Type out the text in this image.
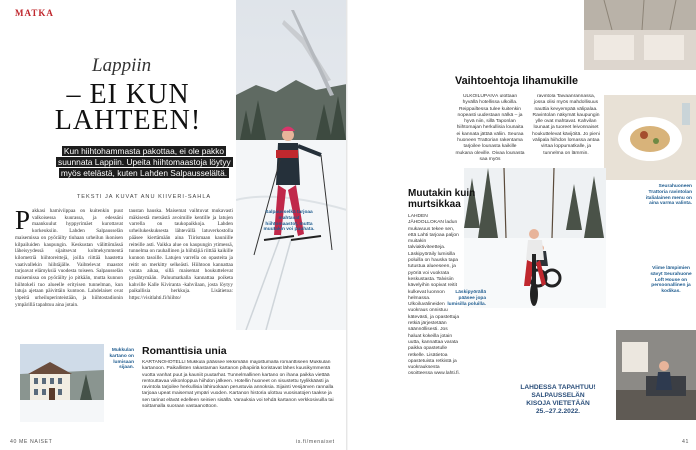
MATKA
Lappiin
– EI KUN
LAHTEEN!
Kun hiihtohammasta pakottaa, ei ole pakko suunnata Lappiin. Upeita hiihtomaastoja löytyy myös etelästä, kuten Lahden Salpausselältä.
TEKSTI JA KUVAT ANU KIIVERI-SAHLA
P akkasi hamiviippaa on kuitenkin puut valkoisessa kuurassa, ja edessäni maankuulut hyppyrimäet kurottavat korkeuksiin. Lahden Salpausselän maisemissa on pyöräilty tiuhaan urheilun ikonisen kilpailuiden kaupungin. Keskustan välittömässä läheisyydessä sijaitsevat kolmekymmentä kilometriä hiihtoreittejä, joilla riittää haastetta vaativallekin hiihtäjälle. Vaihtelevat maastot tarjoavat elämyksiä vuodesta toiseen. Salpausselän maisemissa on pyöräilty jo pitkään, mutta kunnon hiihtokeli tuo alueelle erityisen tunnelman, kun latuja ajetaan päivittäin kuntoon. Lahdelaiset ovat ylpeitä urheiluperinteistään, ja hiihtostadionin ympärillä tapahtuu aina jotain.

taustan hauska. Maisemat vaihtuvat mukavasti mäkisestä metsästä avoimille kentille ja latujen varrella on taukopaikkoja. Lahden urheilukeskuksesta lähtevällä latuverkostolla pääsee kiertämään aina Tiirismaan kauniille reiteille asti. Vaikka alue on kaupungin ytimessä, tunnelma on rauhallinen ja hiihtäjiä riittää kaikille kunnon tasoille. Latujen varrella on opasteita ja reitit on merkitty selkeästi. Hiihtoon kannattaa varata aikaa, sillä maisemat houkuttelevat pysähtymään. Paluumatkalla kannattaa poiketa kahville Kalle Kiviranta -kahvilaan, josta löytyy paikallisia herkkuja. Lisätietoa: https://visitlahti.fi/hiihto/

Salpausselkä tarjoaa mahtavat hiihtomaastot, mutta muutakin voi puuhata.
Mukkulan kartano on lumisaan sijaan.
Romanttisia unia
KARTANOHOTELLI Mukkula päässee lekkimään majoittumalla romanttiseen Mukkulan kartanoon. Paikallisten rakastaman kartanon pihapiiriä koristavat lähes kuusikymmentä vuotta vanhat puut ja kauniit puutarhat. Tunnelmallinen kartano on ihana paikka viettää rentouttavaa viikonloppua hiihdon jälkeen. Hotellin huoneet on sisustettu tyylikkäästi ja ravintola tarjoilee herkullisia lähiruokaan perustuvia annoksia. Sijainti Vesijärven rannalla tarjoaa upeat maisemat ympäri vuoden. Kartanon historia ulottuu vuosisatojen taakse ja sen tarinat elävät edelleen seinien sisällä. Varauksia voi tehdä kartanon verkkosivuilla tai soittamalla suoraan vastaanottoon.
40 ME NAISET	is.fi/menaiset
Vaihtoehtoja lihamukille
ULKOILUPÄIVÄ ulottaan hyvällä hotellissa ulkoilla. Reippailtessa tulee kuitenkin nopeasti uudestaan nälkä – ja hyvä niin, sillä Taponlan hiihtomajan herkullisia lounaita ei kannata jättää väliin. Seuraa huoneen Trattorian rakentama tarjoilee lounasta kaikille mukana oleville. Oivaa lounasta saa myös
ravintola Taivaanrannassa, jossa olisi myös mahdollisuus nauttia kevyempää välipalaa. Ravintolan näkymät kaupungin ylle ovat mahtavat. Kahvilan lounaat ja tuoreet leivonnaiset houkuttelevat kävijöitä. Jo pieni välipala hiihdon lomassa antaa virtaa loppumatkalle, ja tunnelma on lämmin.
Seurahuoneen Trattoria ravintolan italialainen menu on aina varma valinta.
Läskipyörällä pääsee jopa lumisilla poluilla.
Muutakin kuin
murtsikkaa
LAHDEN JÄHDOLLOKAN ladun mukavuus tekee sen, että Lahti tarjoaa paljon muitakin talviaktiviteetteja. Läskipyöräily lumisilla poluilla on hauska tapa tutustua alueeseen, ja pyöriä voi vuokrata keskustasta. Talvisiin kävelyihin sopivat reitit kulkevat luonnon helmassa. Ulkoiluvälineiden vuokraus onnistuu kätevästi, ja opastettuja retkiä järjestetään säännöllisesti. Jos haluat kokeilla jotain uutta, kannattaa varata paikka opastetulle retkelle. Lisätietoa opastetuista retkistä ja vuokrauksesta osoitteessa www.lahti.fi.
Viime lämpimien sävyt Seurahuone Loft House on persoonallinen ja kodikas.
LAHDESSA TAPAHTUU!
SALPAUSSELÄN
KISOJA VIETETÄÄN
25.–27.2.2022.
41
